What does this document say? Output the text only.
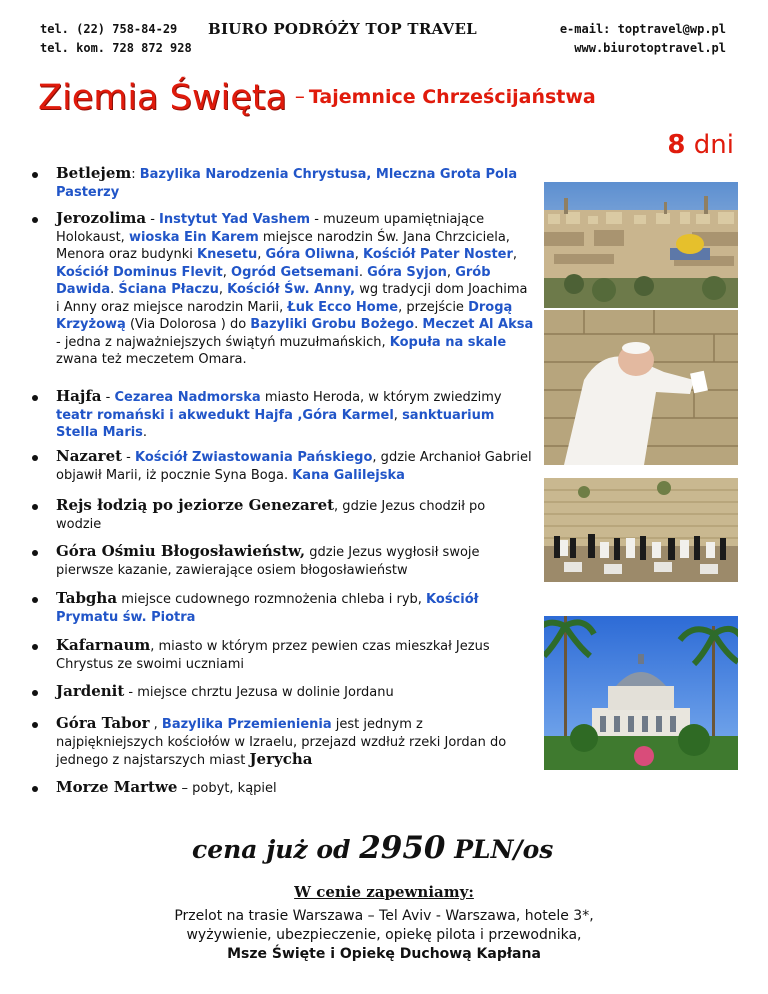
tel. (22) 758-84-29
tel. kom. 728 872 928
BIURO PODRÓŻY TOP TRAVEL	e-mail: toptravel@wp.pl
www.biurotoptravel.pl
Ziemia Święta – Tajemnice Chrześcijaństwa
8 dni
Betlejem: Bazylika Narodzenia Chrystusa, Mleczna Grota Pola Pasterzy
Jerozolima - Instytut Yad Vashem - muzeum upamiętniające Holokaust, wioska Ein Karem miejsce narodzin Św. Jana Chrzciciela, Menora oraz budynki Knesetu, Góra Oliwna, Kościół Pater Noster, Kościół Dominus Flevit, Ogród Getsemani. Góra Syjon, Grób Dawida. Ściana Płaczu, Kościół Św. Anny, wg tradycji dom Joachima i Anny oraz miejsce narodzin Marii, Łuk Ecco Home, przejście Drogą Krzyżową (Via Dolorosa ) do Bazyliki Grobu Bożego. Meczet Al Aksa - jedna z najważniejszych świątyń muzułmańskich, Kopuła na skale zwana też meczetem Omara.
Hajfa - Cezarea Nadmorska miasto Heroda, w którym zwiedzimy teatr romański i akwedukt Hajfa ,Góra Karmel, sanktuarium Stella Maris.
Nazaret - Kościół Zwiastowania Pańskiego, gdzie Archanioł Gabriel objawił Marii, iż pocznie Syna Boga. Kana Galilejska
Rejs łodzią po jeziorze Genezaret, gdzie Jezus chodził po wodzie
Góra Ośmiu Błogosławieństw, gdzie Jezus wygłosił swoje pierwsze kazanie, zawierające osiem błogosławieństw
Tabgha miejsce cudownego rozmnożenia chleba i ryb, Kościół Prymatu św. Piotra
Kafarnaum, miasto w którym przez pewien czas mieszkał Jezus Chrystus ze swoimi uczniami
Jardenit - miejsce chrztu Jezusa w dolinie Jordanu
Góra Tabor , Bazylika Przemienienia jest jednym z najpiękniejszych kościołów w Izraelu, przejazd wzdłuż rzeki Jordan do jednego z najstarszych miast Jerycha
Morze Martwe – pobyt, kąpiel
cena już od 2950 PLN/os
W cenie zapewniamy:
Przelot na trasie Warszawa – Tel Aviv - Warszawa, hotele 3*,
wyżywienie, ubezpieczenie, opiekę pilota i przewodnika,
Msze Święte i Opiekę Duchową Kapłana
